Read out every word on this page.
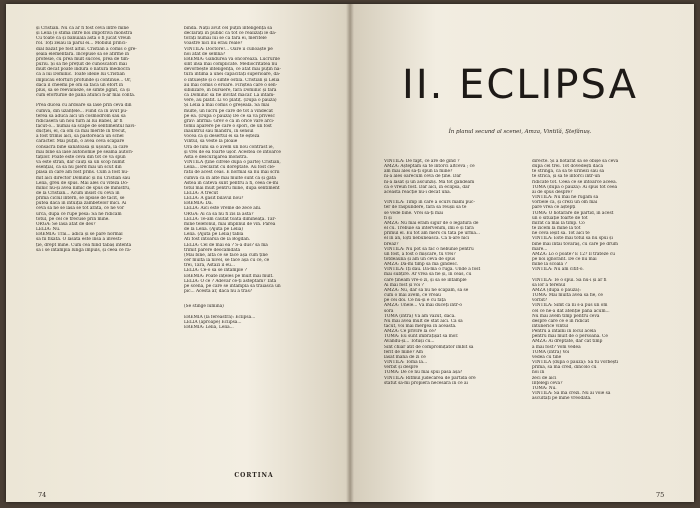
și Cristian. Nu că ar fi fost ceva între mine

și Lelia (o stimă între noi impotriva monstră

Cu toate că și bănuiala asta o fi jucat vreun

rol. Toți zeiau la parul ei... Mobilul princi-

dial bazat pe fost altul. Cristian a comis o gre-

șeală elementară. Începuse să se afirme în

profesie, cu prea mult succes, prea de tim-

puriu. Și să fie prețuit de cunoscători mai

mult decât poate îndura o natură mediocră

ca a lui Dominic. Toate ideile lui Cristian

implicau eforturi profunde și continue... Or,

dacă îl cheemi pe om să facă un efort în

plus, să se reevalueze, se simte jignit, ca și

cum eforturile de până atunci n-ar mai conta.

Prea ducea cu ardoare să lase prin ceva din

cumva, din uzanțele... Fiind că în avut pu-

terea să aducă aici un cosmodrom sau să

ridicaseră un nou turn al lui Babel, ar fi

făcut-o... numai să scape de sentimentul navi-

ducției, el, ca om ca mai merite în trecut,

a fost trimis aici, să păstoreacă un schel

caracter. Mai puțin, o avea ceva scăpare

consacră bine sănătoasă și ușoară, la care

mai bine să lase autonomie pe seama autori-

tăților. Poate este ceva din tot ce vă spun

vă este străn, dar cauți să un scop numit

esențial, ca să nu pierd mai un scut din

plasa în care am fost prins. Cum a fost nu-

mit aici director Dominic și nu Cristian sau

Lelia, greu de spus. Mai ales cu viteză Do-

minic nu-și avea nimic de spus de ministru,

de la Cristian... Acum insist cu ceva în

prima ciclul intern, se lipsise de tacit, se

putea dacă în intuiția zâmbetelor mici. Ai

ceva să ne se lasă se tot arăta, ce ne vor

urcă, după ce rupe pesa: Să ne ridicăm

totul, pe cel ce trecuse prin mine.

ORGA: Se lasă atât de des?

LELIA: Nu.

EREMIA: Trăi... adică și se pare normal

să fii fixată. O lasată este însă a investi-

ție, drept mine. Cum cea fiind tabăș intentă

să i se întâmplă lunga impuls, și ceea ce ră-

bindă. Nații avut cel puțin inteligența să

declarați în public că tot ce realizați le da-

torați numai lui se că fără ei, meritele

voastre nici nu erau reale?

VINTILĂ: Doctore!... Oare îi cunoaște pe

noi atât de semna?

EREMIA: Gândurea vă oncorează. Lucrurile

sînt însă mai complicate. Mediocritatea nu

devorbește inteligența, ce atât mai puțin na-

tura intimă a unei capacități superioare, da-

o intuiește și o simte ostilă. Cristian și Lelia

au mai comis o eroare. Firiștea care o sen-

sibilizare, în bursiere, fără Dominic și fără

ca Dominic să fie invitat măcar. La întâm-

vere, au plătit. Li vo plătiț. (După o pauză)

Și Lelia a mai comis o greșeală. Sa mai

multe, un lucru pe care de tot a vindecat

pe ea. (După o pauză) De ce să vă privesc

grav: afirma: Grev e ca în orice vare arci-

tomii apărere pe care o spori, de un fost

înăuntrul său mândru, în sensul

vocea ca și desertul ei să te eșteza

Vîntul, să veste la ploaie

Ora de luni să o avem un nou contrast ie,

și vrei de ea foarte ușor. Acestea ce întoarce

Asta e descurajarea monstră.

VINTILĂ (ține cifrele după o parte) Cristian,

Lelia... Declarat cu doreptate. Au fost cle-

ratii de acest ceas. E normal să nu mai scrii

cumva ca în alte mai multe sunt ca și gata

Astea în câteva sunt pentru a fi, ceea ce-mi

totul mai mult pentru mine, după sentiment

LELIA: A trecut

LELIA: A găsit bilăvul nou?

EREMIA: Da.

LELIA: Aici este vreme de zece ani.

ORGA: Ai că să nu fi zis la asta?

LELIA: Te-am căutat toată dimineața. Tăr-

mine telefonul, mai împlinul de vîn. Părea

de la Lelia. (Ajută pe Lelia)

Lelia. (Ajută pe Lelia) tablă

Ati fost întoarsă de la Bogdan.

LELIA: Cel de mai ea ? S-a dus? să mă

trimit parere deocamdată

(Mai bine, altă ce se face așa cum ține

cer multă la nivel, se face așa cu ce, ce

trei, Tara, Astăzi îl eu...

LELIA: Ce-o să se întâmple ?

EREMIA: Poate înțeles pe mult mai mult.

LELIA: O ce ? Adevăr ce-ți asteptam? Tata

pe scena, pe care se întâmplă să trăiască un

pic... Acesta ar, dacă nu a tras?

(Se stinge lumina)

EREMIA (la fereastră): Eclipsa...

LELIA (aproape) Eclipsa...

EREMIA: Lelia, Lelia...

CORTINA
74
II. ECLIPSA
În planul secund al scenei, Amza, Vintilă, Ștefănuș.

VINTILĂ: De fapt, ce are de gînd ?

AMZA: Așteptam să te întorci altceva ; ce

am mai ales să-ți spun la mine?

ni-a ales oarecum ceva de ține. Dar

ni-a lăsat și un ascunziș. Mă tot gândeam

că e vreun fost. Dar aici, în eclipsa, dar

această reacție nu-i decât una.

VINTILĂ: Timp în care a ocurs mami puc-

ter de răspundere, fără să reușii să te

se vede bine. Vrei să-ți mai

fi și

AMZA: Nu mai eram sigur de o legătură de

el cu. Trebuie să intervenim, îmi e și fără

primul el. Eu tot am mers cu tata pe urmă...

el în an, Ești nebunească. Ca n-are nici

breaz?

VINTILĂ: Nu pot să fac o nebunie pentru

un fost, a fost o mișcare, tu vrei?

totdeauna și am un ceva de spus

AMZA: Dă-mi timp să mă gîndesc.

VINTILĂ: Îți dau. Da-ma o rugă. Unde a fost

mai subțire. Ar vrea să fie și, în ceas, cu

care țineam vre-o zi, și să se întâmple

Ai mai fost și voi ?

AMZA: Nu, dar să nu ne scăpăm, să se

cum o mai avem, ce vreau

pe cei doi. Ce nu-și e cu față

AMZA: Unele... Vă mai duceți într-o

soră

TOMA (intră) Vă am văzut, dacă.

Nu mai avea mult de stat aici. Ca să

tăcut, voi mai mergea în această.

AMZA: Ce privire la ce?

TOMA: Eu sunt îmbrățișat să mor.

Avându-și... Totuși cu...

Sint chiar atit de compromițator îmbit să

ferit de mine? Am

lăsat mâna de zi ce

VINTILĂ: Toma la...

verbit și despre

TOMA: De ce nu mai spui păsă așa?

VINTILĂ: Ritmul judecarea de partidă ore

statut să-mi propiera necesară în ce ai

directe. Și a hotărât să se obișe să ceva

după cel trei. Tot dovedești dacă

te stringă, ca să te urinezi sau să

te strică, și să te întorci într-un

ridicate tot. Ceea ce se întoarce aceea.

TOMA (după o pauză): Ai spus tot ceea

ai de spus despre?

VINTILĂ: Nu mai ne rugăm să

vorbele că, și crezi un om mai

pare vrea ce aștepți

TOMA: O hotărâre de partid, în acest

un o situație foarte de tot

mirat că mai la timp. Co

te zicem la mine la tot

ne ceva ieșit să. Tot aici te

VINTILĂ: Este mai totul să nu spui și

bine mai întâi tovarăș, cu care pe drum

mare...

AMZA: Lo o poate? E 12? Îl trateze cu

pe noi ignorant. De ce nu mai

mine la scoală ?

VINTILĂ: Nu am citit-o.

VINTILĂ: Te o spui. Să nu-i și ar fi

să lor a terenul

AMZA (după o pauză):

TOMA: Mai multă avea să fie, ce

vorbit?

VINTILĂ: Simt că ni s-a pus un om

cel ce ne-a dat atenție până acum...

Nu mai avem timp pentru ceva

despre care ce e în ridicat

întunerice vintul

Pentru a întâlni în locul acela

pentru mai mult de o persoană. Ce

AMZA: Ai dreptate, dar cât timp

a mai fost? Vom vedea

TOMA (intră) Voi

vedea cu tine

VINTILĂ (după o pauză): Să tu vorbești

prima, să mă cred, dincolo cu

noi în

zeci de aici

Înțelegi ceva?

TOMA: Nu.

VINTILĂ: Să mă crezi. Nu ai voie să

ascultați pe mine vreodată.

75
